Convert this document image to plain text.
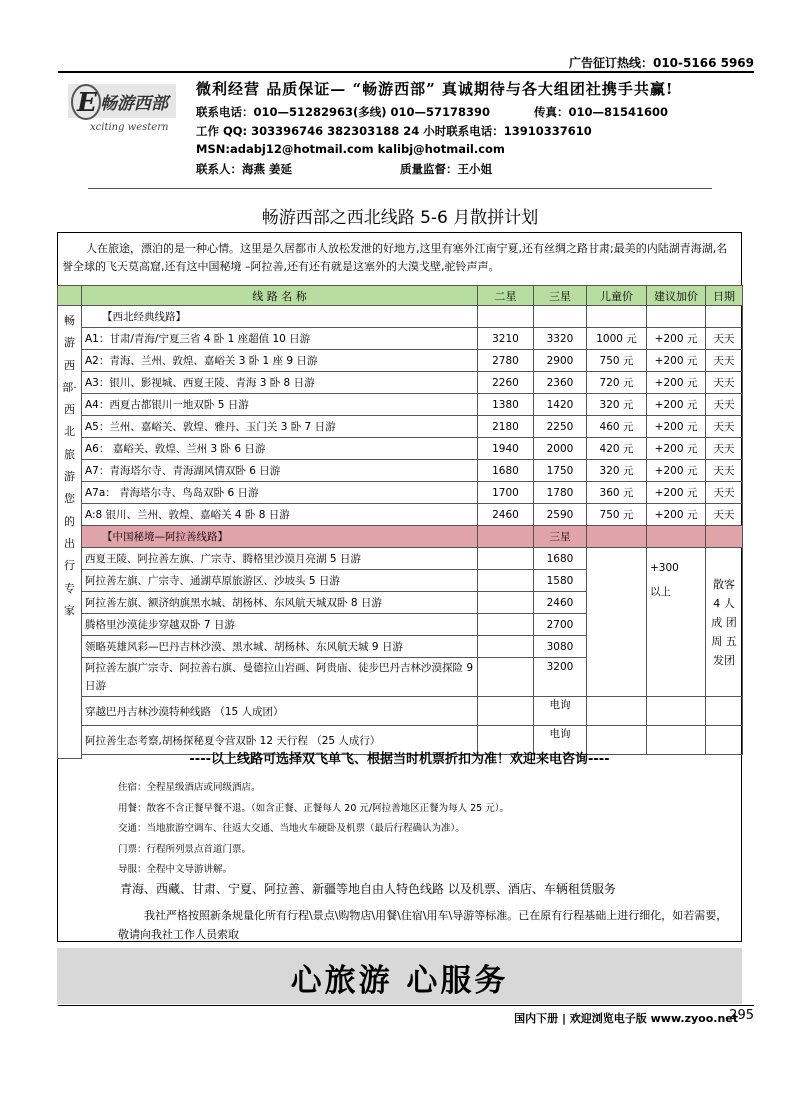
广告征订热线：010-5166 5969
E 畅游西部
xciting western
微利经营 品质保证— “畅游西部” 真诚期待与各大组团社携手共赢!
联系电话：010—51282963(多线) 010—57178390	传真：010—81541600
工作 QQ: 303396746 382303188 24 小时联系电话：13910337610
MSN:adabj12@hotmail.com kalibj@hotmail.com
联系人：海燕 姜延	质量监督：王小姐
畅游西部之西北线路 5-6 月散拼计划
人在旅途，漂泊的是一种心情。这里是久居都市人放松发泄的好地方,这里有塞外江南宁夏,还有丝绸之路甘肃;最美的内陆湖青海湖,名誉全球的飞天莫高窟,还有这中国秘境 –阿拉善,还有还有就是这塞外的大漠戈壁,驼铃声声。
	线 路 名 称	二星	三星	儿童价	建议加价	日期
畅游西部·西北旅游您的出行专家	【西北经典线路】					
	A1：甘肃/青海/宁夏三省 4 卧 1 座超值 10 日游	3210	3320	1000 元	+200 元	天天
	A2：青海、兰州、敦煌、嘉峪关 3 卧 1 座 9 日游	2780	2900	750 元	+200 元	天天
	A3：银川、影视城、西夏王陵、青海 3 卧 8 日游	2260	2360	720 元	+200 元	天天
	A4：西夏古都银川一地双卧 5 日游	1380	1420	320 元	+200 元	天天
	A5：兰州、嘉峪关、敦煌、雅丹、玉门关 3 卧 7 日游	2180	2250	460 元	+200 元	天天
	A6： 嘉峪关、敦煌、兰州 3 卧 6 日游	1940	2000	420 元	+200 元	天天
	A7：青海塔尔寺、青海湖风情双卧 6 日游	1680	1750	320 元	+200 元	天天
	A7a： 青海塔尔寺、鸟岛双卧 6 日游	1700	1780	360 元	+200 元	天天
	A:8 银川、兰州、敦煌、嘉峪关 4 卧 8 日游	2460	2590	750 元	+200 元	天天
	【中国秘境—阿拉善线路】		三星			
	西夏王陵、阿拉善左旗、广宗寺、腾格里沙漠月亮湖 5 日游		1680		+300
以上	散客 4 人 成 团 周 五 发团
	阿拉善左旗、广宗寺、通湖草原旅游区、沙坡头 5 日游		1580			
	阿拉善左旗、额济纳旗黑水城、胡杨林、东风航天城双卧 8 日游		2460			
	腾格里沙漠徒步穿越双卧 7 日游		2700			
	领略英雄风彩—巴丹吉林沙漠、黑水城、胡杨林、东风航天城 9 日游		3080			
	阿拉善左旗广宗寺、阿拉善右旗、曼德拉山岩画、阿贵庙、徒步巴丹吉林沙漠探险 9 日游		3200			
	穿越巴丹吉林沙漠特种线路 （15 人成团）		电询			
	阿拉善生态考察,胡杨探秘夏令营双卧 12 天行程 （25 人成行）		电询			

----以上线路可选择双飞单飞、根据当时机票折扣为准！欢迎来电咨询----
住宿：全程星级酒店或同级酒店。
用餐：散客不含正餐早餐不退。（如含正餐、正餐每人 20 元/阿拉善地区正餐为每人 25 元）。
交通：当地旅游空调车、往返大交通、当地火车硬卧及机票（最后行程确认为准）。
门票：行程所列景点首道门票。
导服：全程中文导游讲解。
青海、西藏、甘肃、宁夏、阿拉善、新疆等地自由人特色线路 以及机票、酒店、车辆租赁服务
我社严格按照新条规量化所有行程\景点\购物店\用餐\住宿\用车\导游等标准。已在原有行程基础上进行细化，如若需要，敬请向我社工作人员索取
心旅游 心服务
国内下册 | 欢迎浏览电子版 www.zyoo.net
295
